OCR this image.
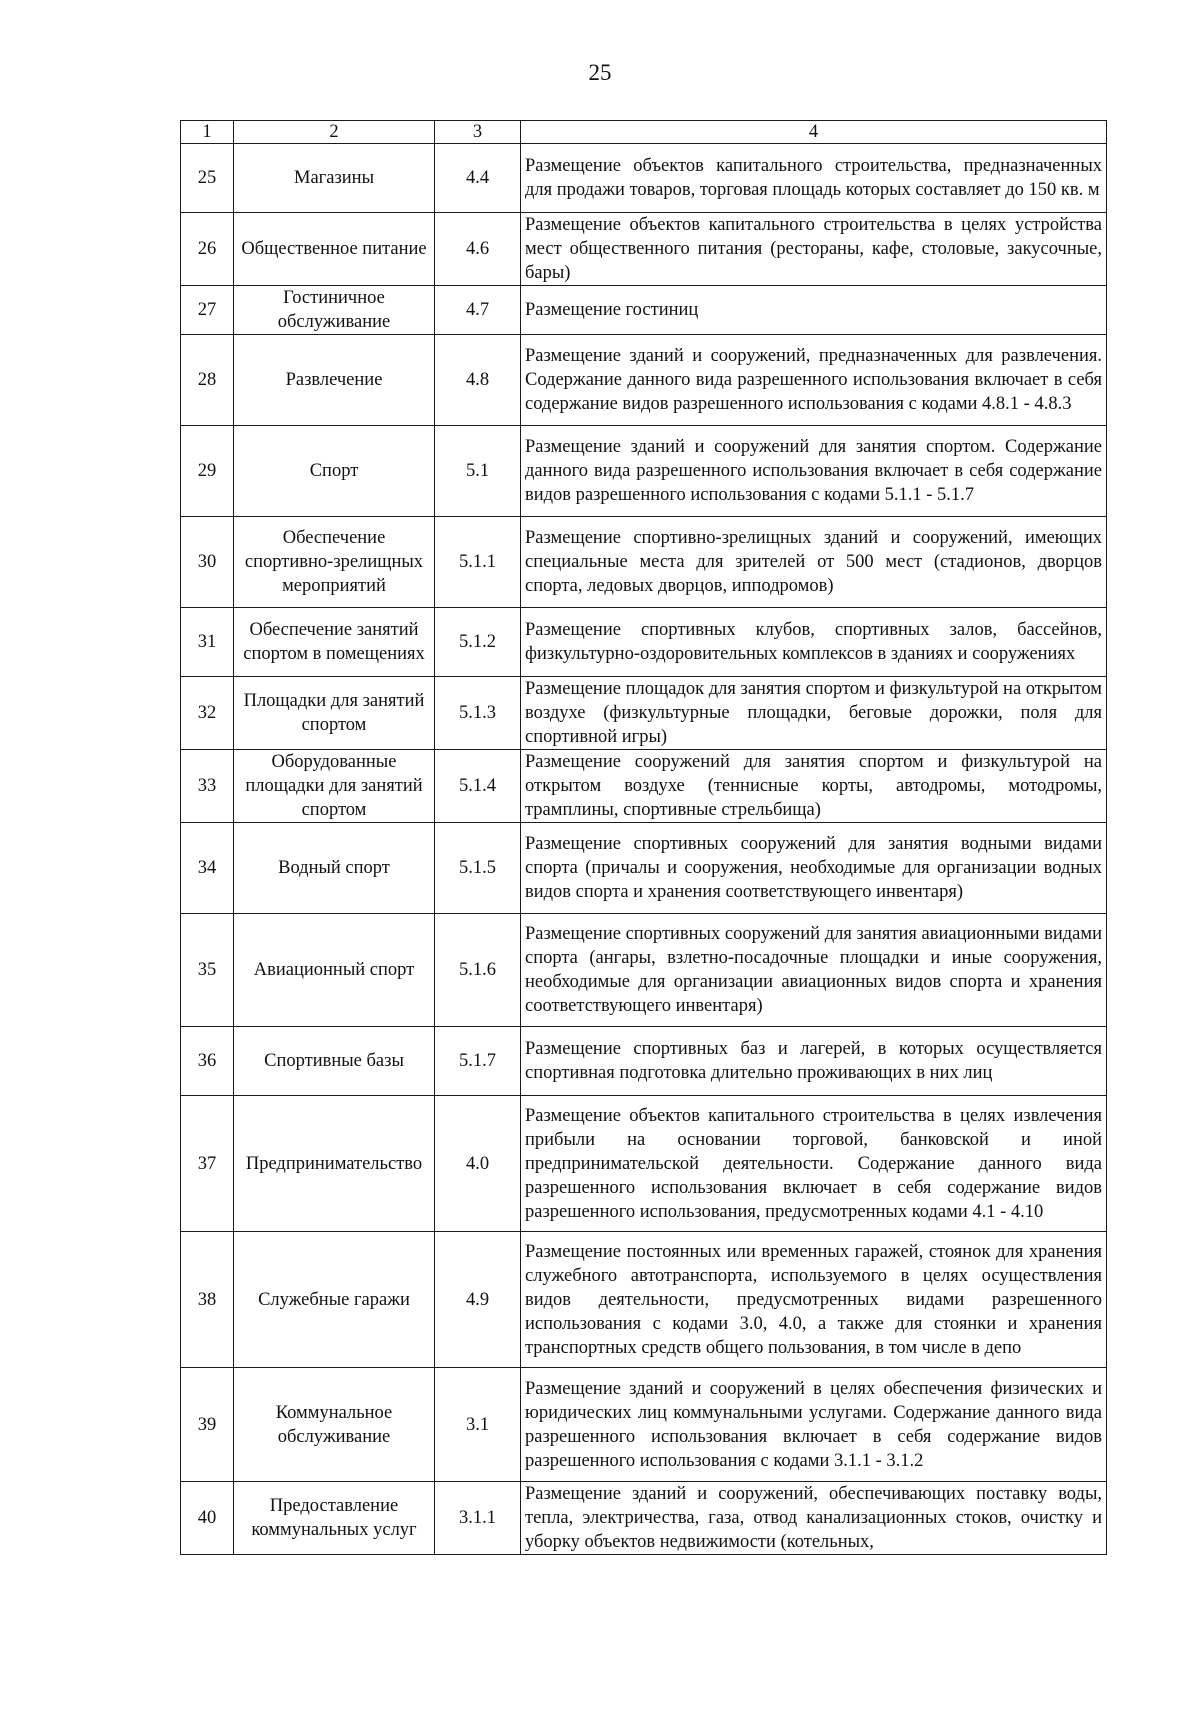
25
1	2	3	4
25	Магазины	4.4	Размещение объектов капитального строительства, предназначенных для продажи товаров, торговая площадь которых составляет до 150 кв. м
26	Общественное питание	4.6	Размещение объектов капитального строительства в целях устройства мест общественного питания (рестораны, кафе, столовые, закусочные, бары)
27	Гостиничное обслуживание	4.7	Размещение гостиниц
28	Развлечение	4.8	Размещение зданий и сооружений, предназначенных для развлечения. Содержание данного вида разрешенного использования включает в себя содержание видов разрешенного использования с кодами 4.8.1 - 4.8.3
29	Спорт	5.1	Размещение зданий и сооружений для занятия спортом. Содержание данного вида разрешенного использования включает в себя содержание видов разрешенного использования с кодами 5.1.1 - 5.1.7
30	Обеспечение спортивно-зрелищных мероприятий	5.1.1	Размещение спортивно-зрелищных зданий и сооружений, имеющих специальные места для зрителей от 500 мест (стадионов, дворцов спорта, ледовых дворцов, ипподромов)
31	Обеспечение занятий спортом в помещениях	5.1.2	Размещение спортивных клубов, спортивных залов, бассейнов, физкультурно-оздоровительных комплексов в зданиях и сооружениях
32	Площадки для занятий спортом	5.1.3	Размещение площадок для занятия спортом и физкультурой на открытом воздухе (физкультурные площадки, беговые дорожки, поля для спортивной игры)
33	Оборудованные площадки для занятий спортом	5.1.4	Размещение сооружений для занятия спортом и физкультурой на открытом воздухе (теннисные корты, автодромы, мотодромы, трамплины, спортивные стрельбища)
34	Водный спорт	5.1.5	Размещение спортивных сооружений для занятия водными видами спорта (причалы и сооружения, необходимые для организации водных видов спорта и хранения соответствующего инвентаря)
35	Авиационный спорт	5.1.6	Размещение спортивных сооружений для занятия авиационными видами спорта (ангары, взлетно-посадочные площадки и иные сооружения, необходимые для организации авиационных видов спорта и хранения соответствующего инвентаря)
36	Спортивные базы	5.1.7	Размещение спортивных баз и лагерей, в которых осуществляется спортивная подготовка длительно проживающих в них лиц
37	Предпринимательство	4.0	Размещение объектов капитального строительства в целях извлечения прибыли на основании торговой, банковской и иной предпринимательской деятельности. Содержание данного вида разрешенного использования включает в себя содержание видов разрешенного использования, предусмотренных кодами 4.1 - 4.10
38	Служебные гаражи	4.9	Размещение постоянных или временных гаражей, стоянок для хранения служебного автотранспорта, используемого в целях осуществления видов деятельности, предусмотренных видами разрешенного использования с кодами 3.0, 4.0, а также для стоянки и хранения транспортных средств общего пользования, в том числе в депо
39	Коммунальное обслуживание	3.1	Размещение зданий и сооружений в целях обеспечения физических и юридических лиц коммунальными услугами. Содержание данного вида разрешенного использования включает в себя содержание видов разрешенного использования с кодами 3.1.1 - 3.1.2
40	Предоставление коммунальных услуг	3.1.1	Размещение зданий и сооружений, обеспечивающих поставку воды, тепла, электричества, газа, отвод канализационных стоков, очистку и уборку объектов недвижимости (котельных,
